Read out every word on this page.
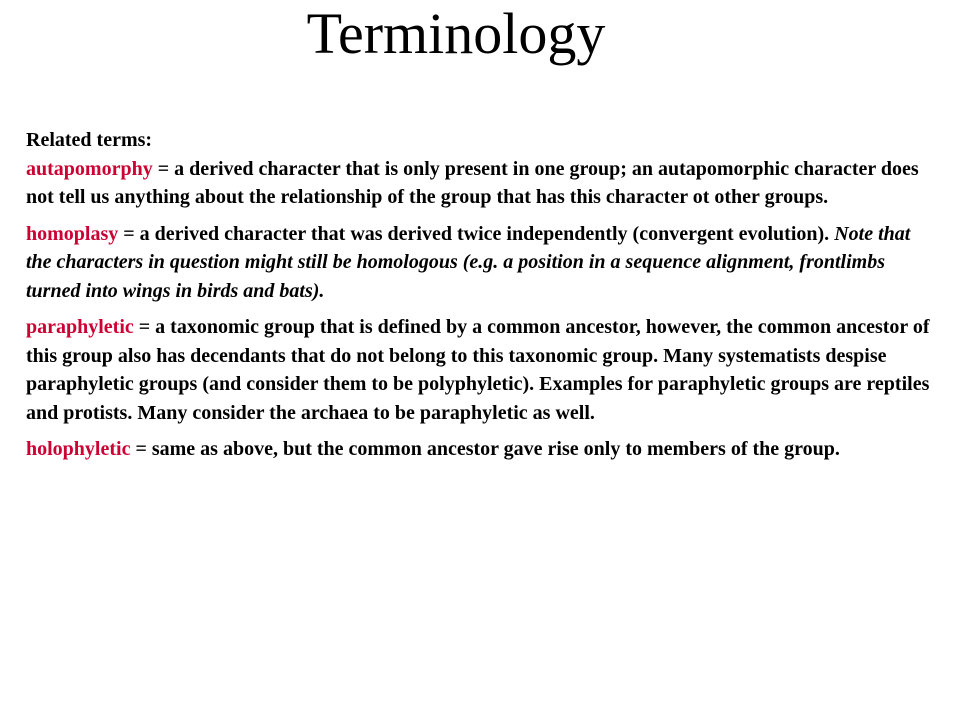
Terminology
Related terms:
autapomorphy = a derived character that is only present in one group; an autapomorphic character does not tell us anything about the relationship of the group that has this character ot other groups.
homoplasy = a derived character that was derived twice independently (convergent evolution). Note that the characters in question might still be homologous (e.g. a position in a sequence alignment, frontlimbs turned into wings in birds and bats).
paraphyletic = a taxonomic group that is defined by a common ancestor, however, the common ancestor of this group also has decendants that do not belong to this taxonomic group. Many systematists despise paraphyletic groups (and consider them to be polyphyletic). Examples for paraphyletic groups are reptiles and protists. Many consider the archaea to be paraphyletic as well.
holophyletic = same as above, but the common ancestor gave rise only to members of the group.
